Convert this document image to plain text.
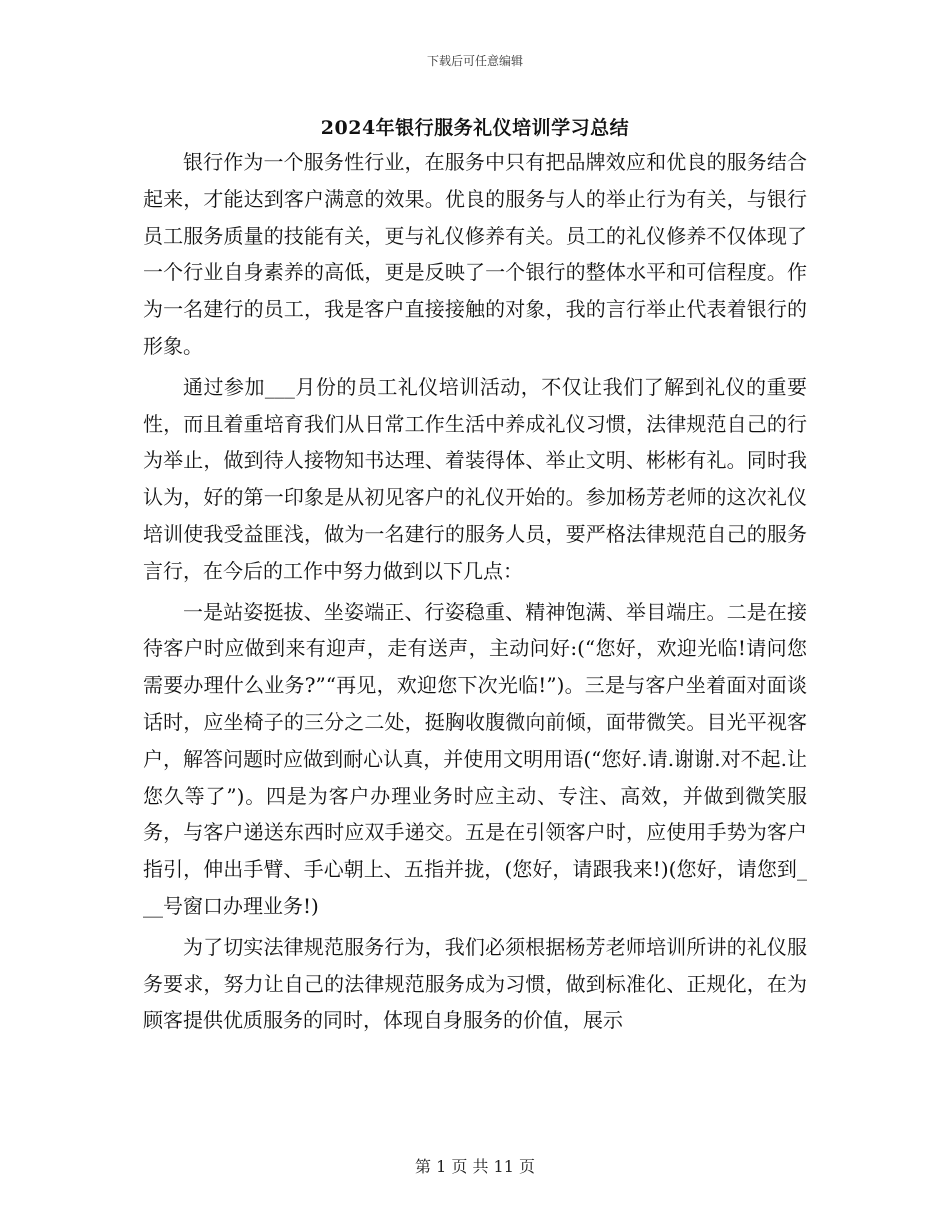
下载后可任意编辑
2024年银行服务礼仪培训学习总结

银行作为一个服务性行业，在服务中只有把品牌效应和优良的服务结合起来，才能达到客户满意的效果。优良的服务与人的举止行为有关，与银行员工服务质量的技能有关，更与礼仪修养有关。员工的礼仪修养不仅体现了一个行业自身素养的高低，更是反映了一个银行的整体水平和可信程度。作为一名建行的员工，我是客户直接接触的对象，我的言行举止代表着银行的形象。

通过参加___月份的员工礼仪培训活动，不仅让我们了解到礼仪的重要性，而且着重培育我们从日常工作生活中养成礼仪习惯，法律规范自己的行为举止，做到待人接物知书达理、着装得体、举止文明、彬彬有礼。同时我认为，好的第一印象是从初见客户的礼仪开始的。参加杨芳老师的这次礼仪培训使我受益匪浅，做为一名建行的服务人员，要严格法律规范自己的服务言行，在今后的工作中努力做到以下几点：

一是站姿挺拔、坐姿端正、行姿稳重、精神饱满、举目端庄。二是在接待客户时应做到来有迎声，走有送声，主动问好:(“您好，欢迎光临!请问您需要办理什么业务?”“再见，欢迎您下次光临!”)。三是与客户坐着面对面谈话时，应坐椅子的三分之二处，挺胸收腹微向前倾，面带微笑。目光平视客户，解答问题时应做到耐心认真，并使用文明用语(“您好.请.谢谢.对不起.让您久等了”)。四是为客户办理业务时应主动、专注、高效，并做到微笑服务，与客户递送东西时应双手递交。五是在引领客户时，应使用手势为客户指引，伸出手臂、手心朝上、五指并拢，(您好，请跟我来!)(您好，请您到___号窗口办理业务!)

为了切实法律规范服务行为，我们必须根据杨芳老师培训所讲的礼仪服务要求，努力让自己的法律规范服务成为习惯，做到标准化、正规化，在为顾客提供优质服务的同时，体现自身服务的价值，展示

第 1 页 共 11 页
